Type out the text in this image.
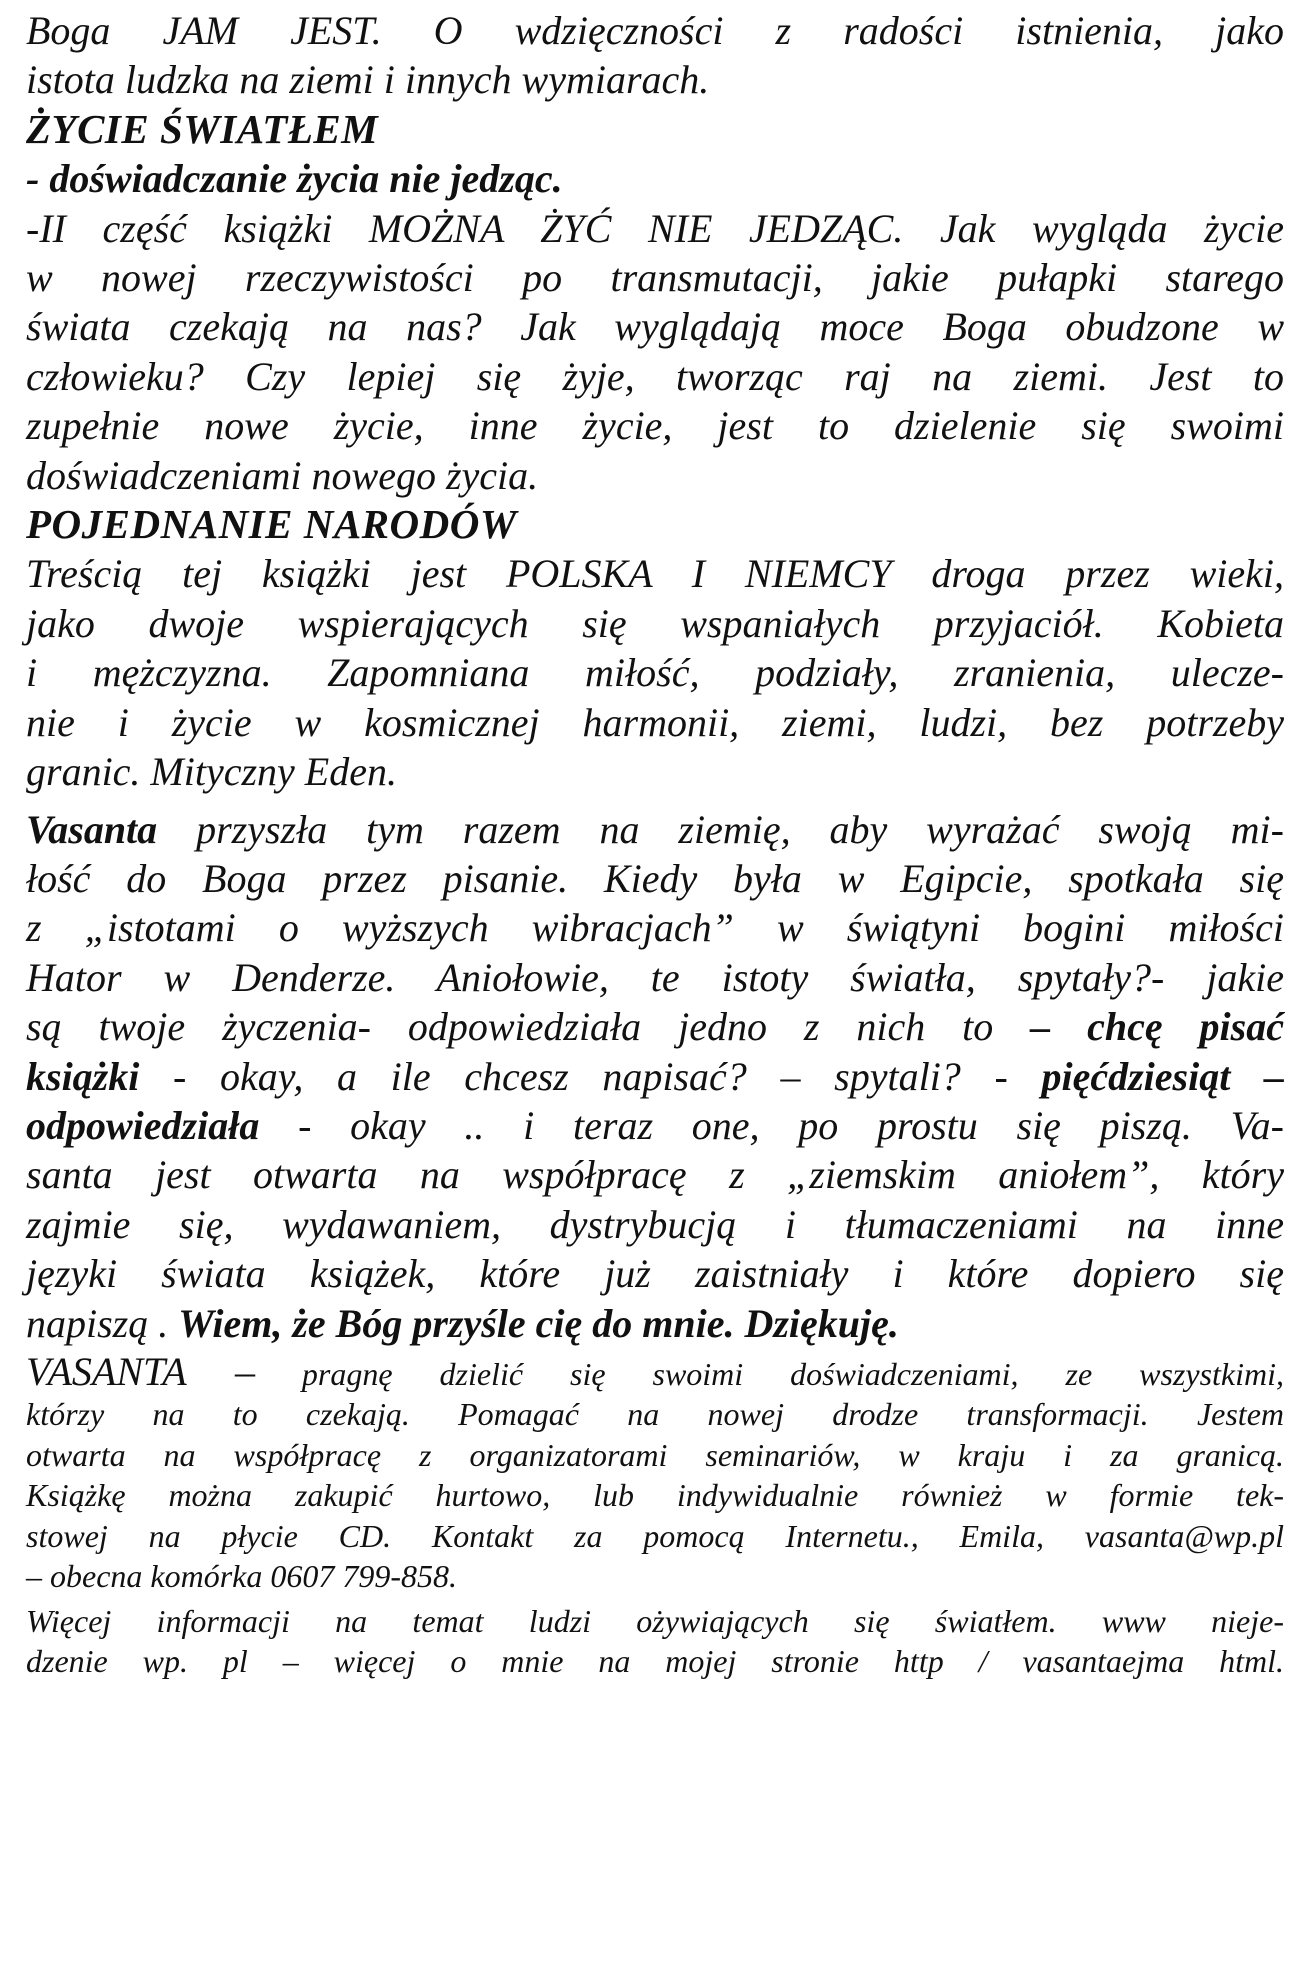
Boga JAM JEST. O wdzięczności z radości istnienia, jako
istota ludzka na ziemi i innych wymiarach.
ŻYCIE ŚWIATŁEM
- doświadczanie życia nie jedząc.
-II część książki MOŻNA ŻYĆ NIE JEDZĄC. Jak wygląda życie
w nowej rzeczywistości po transmutacji, jakie pułapki starego
świata czekają na nas? Jak wyglądają moce Boga obudzone w
człowieku? Czy lepiej się żyje, tworząc raj na ziemi. Jest to
zupełnie nowe życie, inne życie, jest to dzielenie się swoimi
doświadczeniami nowego życia.
POJEDNANIE NARODÓW
Treścią tej książki jest POLSKA I NIEMCY droga przez wieki,
jako dwoje wspierających się wspaniałych przyjaciół. Kobieta
i mężczyzna. Zapomniana miłość, podziały, zranienia, uleczе-
nie i życie w kosmicznej harmonii, ziemi, ludzi, bez potrzeby
granic. Mityczny Eden.
Vasanta przyszła tym razem na ziemię, aby wyrażać swoją mi-
łość do Boga przez pisanie. Kiedy była w Egipcie, spotkała się
z „istotami o wyższych wibracjach” w świątyni bogini miłości
Hator w Denderze. Aniołowie, te istoty światła, spytały?- jakie
są twoje życzenia- odpowiedziała jedno z nich to – chcę pisać
książki - okay, a ile chcesz napisać? – spytali? - pięćdziesiąt –
odpowiedziała - okay .. i teraz one, po prostu się piszą. Va-
santa jest otwarta na współpracę z „ziemskim aniołem”, który
zajmie się, wydawaniem, dystrybucją i tłumaczeniami na inne
języki świata książek, które już zaistniały i które dopiero się
napiszą . Wiem, że Bóg przyśle cię do mnie. Dziękuję.
VASANTA – pragnę dzielić się swoimi doświadczeniami, ze wszystkimi,
którzy na to czekają. Pomagać na nowej drodze transformacji. Jestem
otwarta na współpracę z organizatorami seminariów, w kraju i za granicą.
Książkę można zakupić hurtowo, lub indywidualnie również w formie tek-
stowej na płycie CD. Kontakt za pomocą Internetu., Emila, vasanta@wp.pl
– obecna komórka 0607 799-858.
Więcej informacji na temat ludzi ożywiających się światłem. www nieje-
dzenie wp. pl – więcej o mnie na mojej stronie http / vasantaejma html.
